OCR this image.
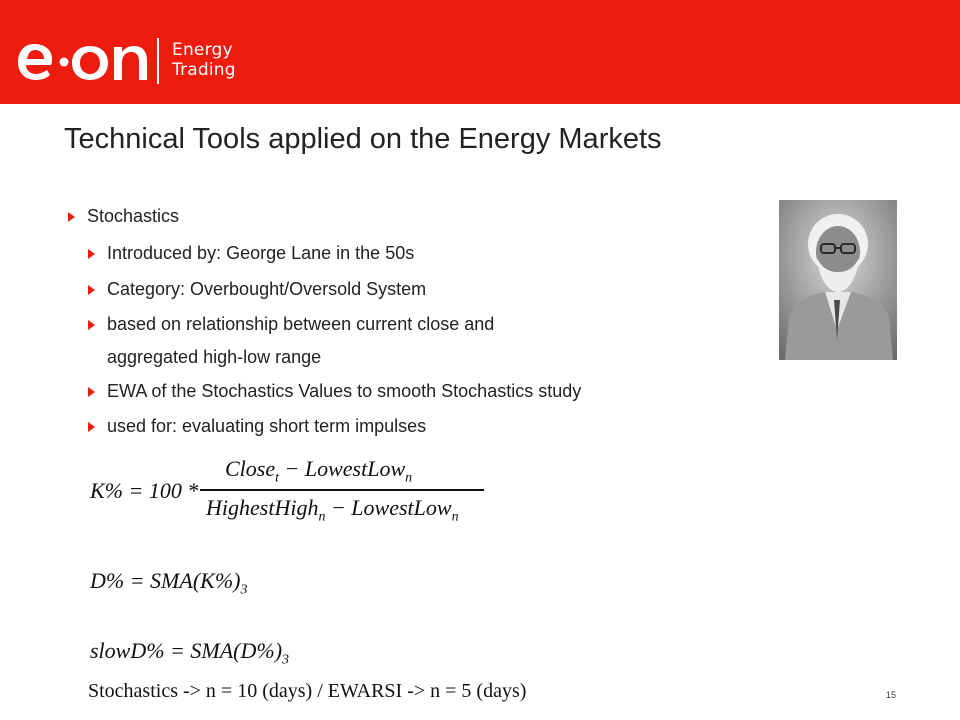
Energy
Trading
Technical Tools applied on the Energy Markets
Stochastics
Introduced by: George Lane in the 50s
Category: Overbought/Oversold System
based on relationship between current close and
aggregated high-low range
EWA of the Stochastics Values to smooth Stochastics study
used for: evaluating short term impulses
K% = 100 *
Close$_t$ − LowestLow$_n$
HighestHigh$_n$ − LowestLow$_n$
$D\% = SMA(K\%)_3$
slowD% = $SMA(D\%)_3$
Stochastics -> n = 10 (days) / EWARSI -> n = 5 (days)	15
